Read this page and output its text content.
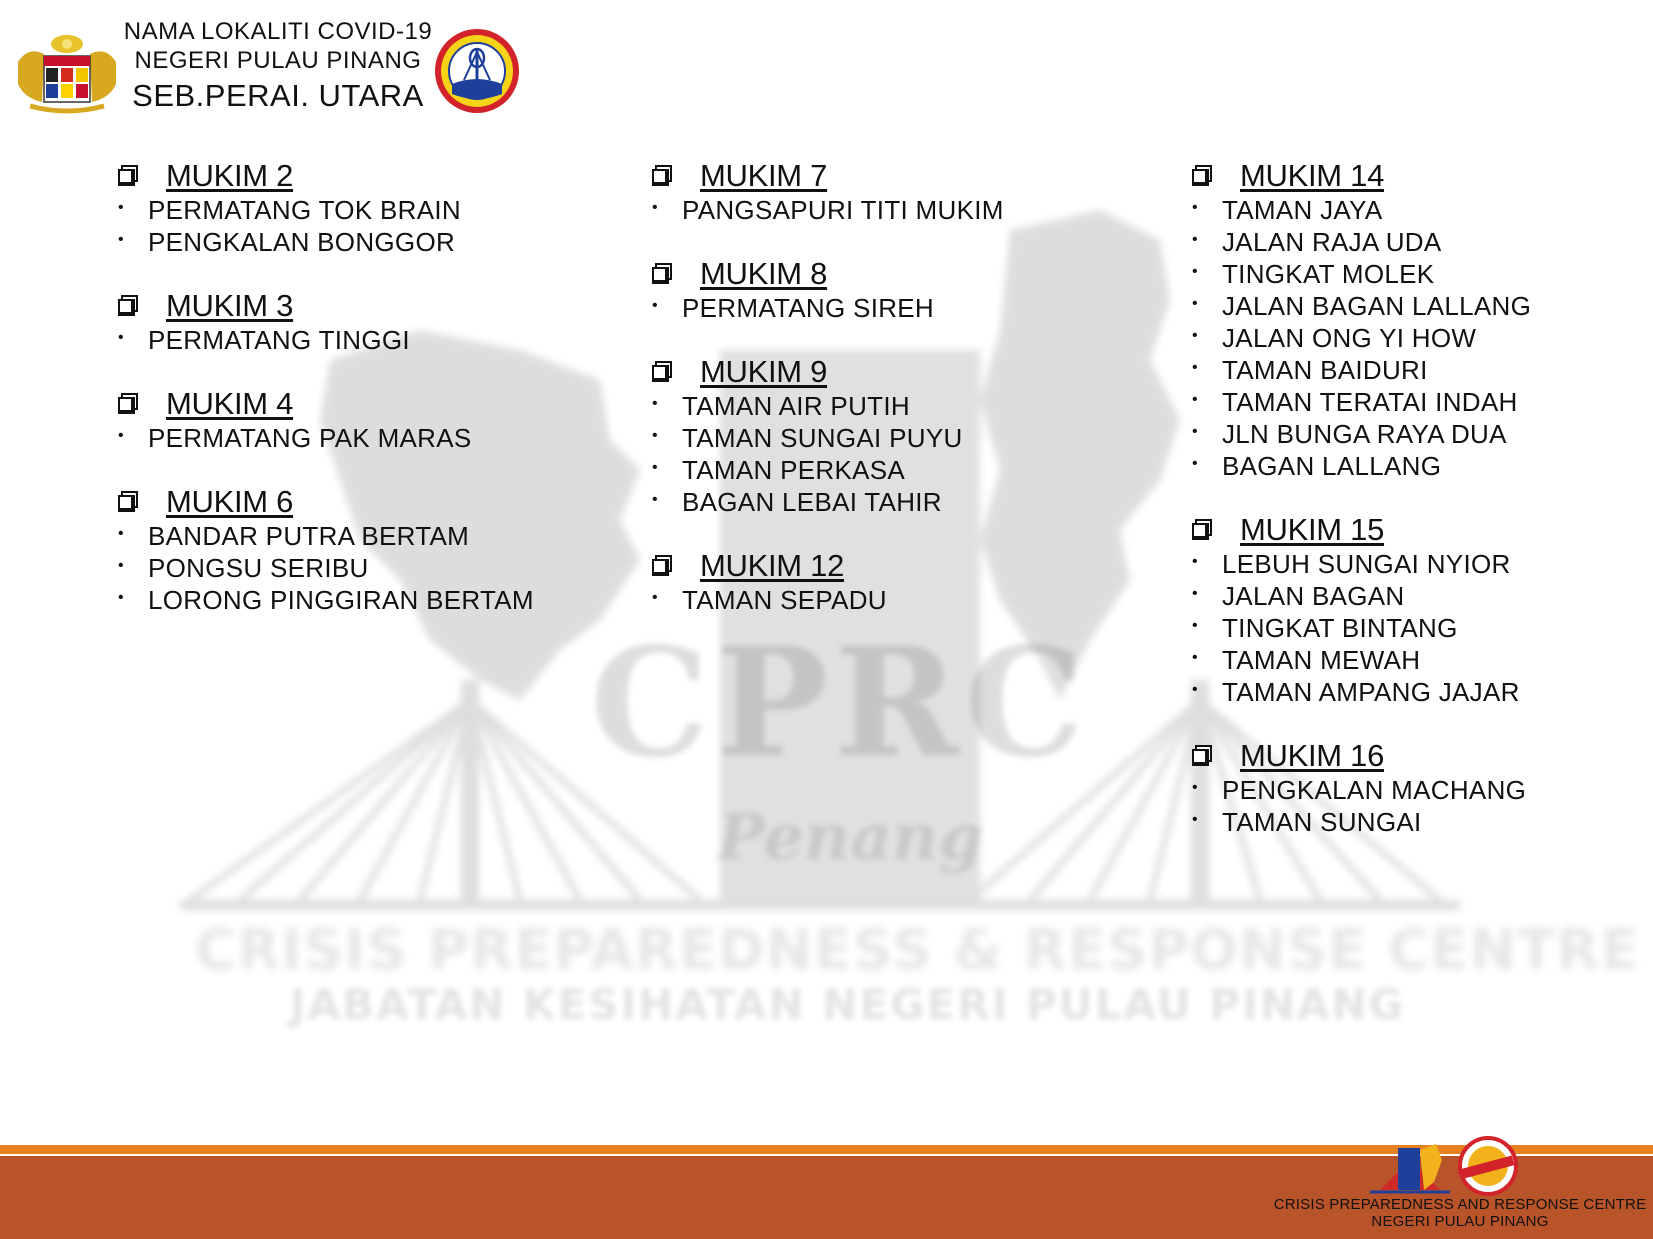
CPRC
Penang
CRISIS PREPAREDNESS & RESPONSE CENTRE
JABATAN KESIHATAN NEGERI PULAU PINANG
NAMA LOKALITI COVID-19
NEGERI PULAU PINANG
SEB.PERAI. UTARA
MUKIM 2
• PERMATANG TOK BRAIN
• PENGKALAN BONGGOR
MUKIM 3
• PERMATANG TINGGI
MUKIM 4
• PERMATANG PAK MARAS
MUKIM 6
• BANDAR PUTRA BERTAM
• PONGSU SERIBU
• LORONG PINGGIRAN BERTAM
MUKIM 7
• PANGSAPURI TITI MUKIM
MUKIM 8
• PERMATANG SIREH
MUKIM 9
• TAMAN AIR PUTIH
• TAMAN SUNGAI PUYU
• TAMAN PERKASA
• BAGAN LEBAI TAHIR
MUKIM 12
• TAMAN SEPADU
MUKIM 14
• TAMAN JAYA
• JALAN RAJA UDA
• TINGKAT MOLEK
• JALAN BAGAN LALLANG
• JALAN ONG YI HOW
• TAMAN BAIDURI
• TAMAN TERATAI INDAH
• JLN BUNGA RAYA DUA
• BAGAN LALLANG
MUKIM 15
• LEBUH SUNGAI NYIOR
• JALAN BAGAN
• TINGKAT BINTANG
• TAMAN MEWAH
• TAMAN AMPANG JAJAR
MUKIM 16
• PENGKALAN MACHANG
• TAMAN SUNGAI
CRISIS PREPAREDNESS AND RESPONSE CENTRE
NEGERI PULAU PINANG
